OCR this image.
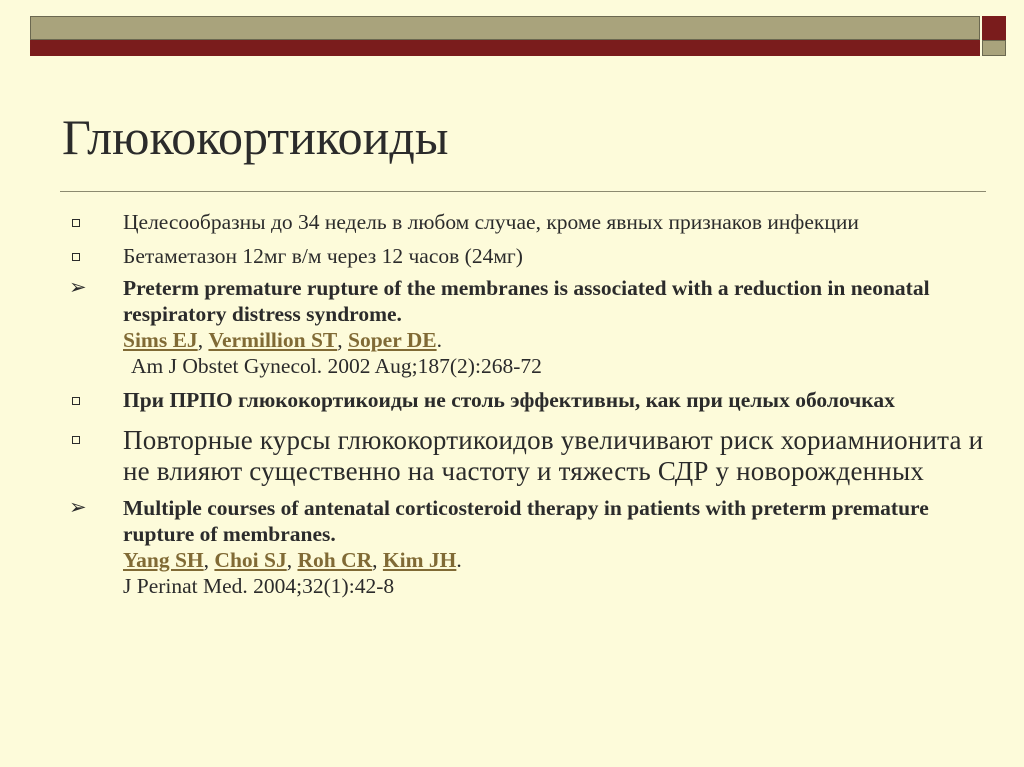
Глюкокортикоиды
Целесообразны до 34 недель в любом случае, кроме явных признаков инфекции
Бетаметазон 12мг в/м через 12 часов (24мг)
➢ Preterm premature rupture of the membranes is associated with a reduction in neonatal respiratory distress syndrome.
Sims EJ, Vermillion ST, Soper DE.
Am J Obstet Gynecol. 2002 Aug;187(2):268-72
При ПРПО глюкокортикоиды не столь эффективны, как при целых оболочках
Повторные курсы глюкокортикоидов увеличивают риск хориамнионита и не влияют существенно на частоту и тяжесть СДР у новорожденных
➢ Multiple courses of antenatal corticosteroid therapy in patients with preterm premature rupture of membranes.
Yang SH, Choi SJ, Roh CR, Kim JH.
J Perinat Med. 2004;32(1):42-8
